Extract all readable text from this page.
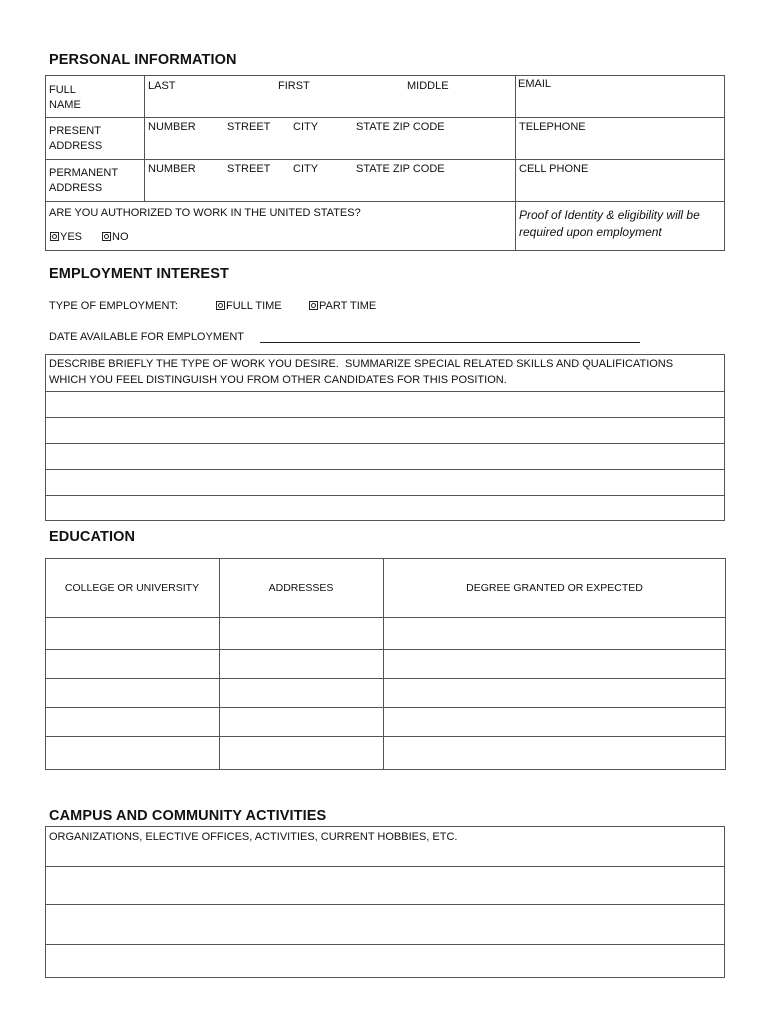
PERSONAL INFORMATION
FULL
NAME
LAST	FIRST	MIDDLE	EMAIL
PRESENT
ADDRESS
NUMBER	STREET CITY	STATE ZIP CODE	TELEPHONE
PERMANENT
ADDRESS
NUMBER	STREET CITY	STATE ZIP CODE	CELL PHONE
ARE YOU AUTHORIZED TO WORK IN THE UNITED STATES?
YES	NO
Proof of Identity & eligibility will be required upon employment
EMPLOYMENT INTEREST
TYPE OF EMPLOYMENT:	FULL TIME	PART TIME
DATE AVAILABLE FOR EMPLOYMENT
DESCRIBE BRIEFLY THE TYPE OF WORK YOU DESIRE.  SUMMARIZE SPECIAL RELATED SKILLS AND QUALIFICATIONS
WHICH YOU FEEL DISTINGUISH YOU FROM OTHER CANDIDATES FOR THIS POSITION.
EDUCATION
COLLEGE OR UNIVERSITY	ADDRESSES	DEGREE GRANTED OR EXPECTED
CAMPUS AND COMMUNITY ACTIVITIES
ORGANIZATIONS, ELECTIVE OFFICES, ACTIVITIES, CURRENT HOBBIES, ETC.
